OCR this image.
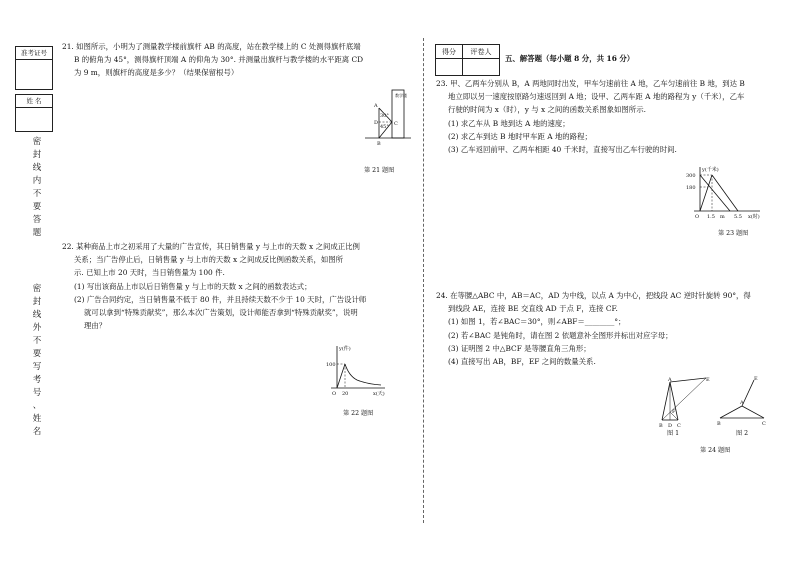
准考证号
姓 名
密
封
线
内
不
要
答
题
密
封
线
外
不
要
写
考
号
、
姓
名
21. 如图所示，小明为了测量教学楼前旗杆 AB 的高度，站在教学楼上的 C 处测得旗杆底端
B 的俯角为 45°，测得旗杆顶端 A 的仰角为 30°. 并测量出旗杆与教学楼的水平距离 CD
为 9 m，则旗杆的高度是多少？（结果保留根号）
30°
45°
A
D
B
C
教学楼
第 21 题图
22. 某种商品上市之初采用了大量的广告宣传，其日销售量 y 与上市的天数 x 之间成正比例
关系；当广告停止后，日销售量 y 与上市的天数 x 之间成反比例函数关系，如图所
示. 已知上市 20 天时，当日销售量为 100 件.
(1) 写出该商品上市以后日销售量 y 与上市的天数 x 之间的函数表达式；
(2) 广告合同约定，当日销售量不低于 80 件，并且持续天数不少于 10 天时，广告设计师
就可以拿到“特殊贡献奖”，那么本次广告策划，设计师能否拿到“特殊贡献奖”，说明
理由？
y(件)
100
O 20	x(天)
第 22 题图
得分	评卷人

五、解答题（每小题 8 分，共 16 分）
23. 甲、乙两车分别从 B，A 两地同时出发，甲车匀速前往 A 地，乙车匀速前往 B 地，到达 B
地立即以另一速度按原路匀速返回到 A 地；设甲、乙两车距 A 地的路程为 y（千米），乙车
行驶的时间为 x（时），y 与 x 之间的函数关系图象如图所示.
(1) 求乙车从 B 地到达 A 地的速度；
(2) 求乙车到达 B 地时甲车距 A 地的路程；
(3) 乙车返回前甲、乙两车相距 40 千米时，直接写出乙车行驶的时间.
y(千米)
300
180
O 1.5 m 5.5 x(时)
第 23 题图
24. 在等腰△ABC 中，AB＝AC，AD 为中线，以点 A 为中心，把线段 AC 逆时针旋转 90°，得
到线段 AE，连接 BE 交直线 AD 于点 F，连接 CF.
(1) 如图 1，若∠BAC＝30°，则∠ABF＝________°；
(2) 若∠BAC 是钝角时，请在图 2 依题意补全图形并标出对应字母；
(3) 证明图 2 中△BCF 是等腰直角三角形；
(4) 直接写出 AB，BF，EF 之间的数量关系.
A	E
F
B D C
图 1
A
E
B	C
图 2
第 24 题图
